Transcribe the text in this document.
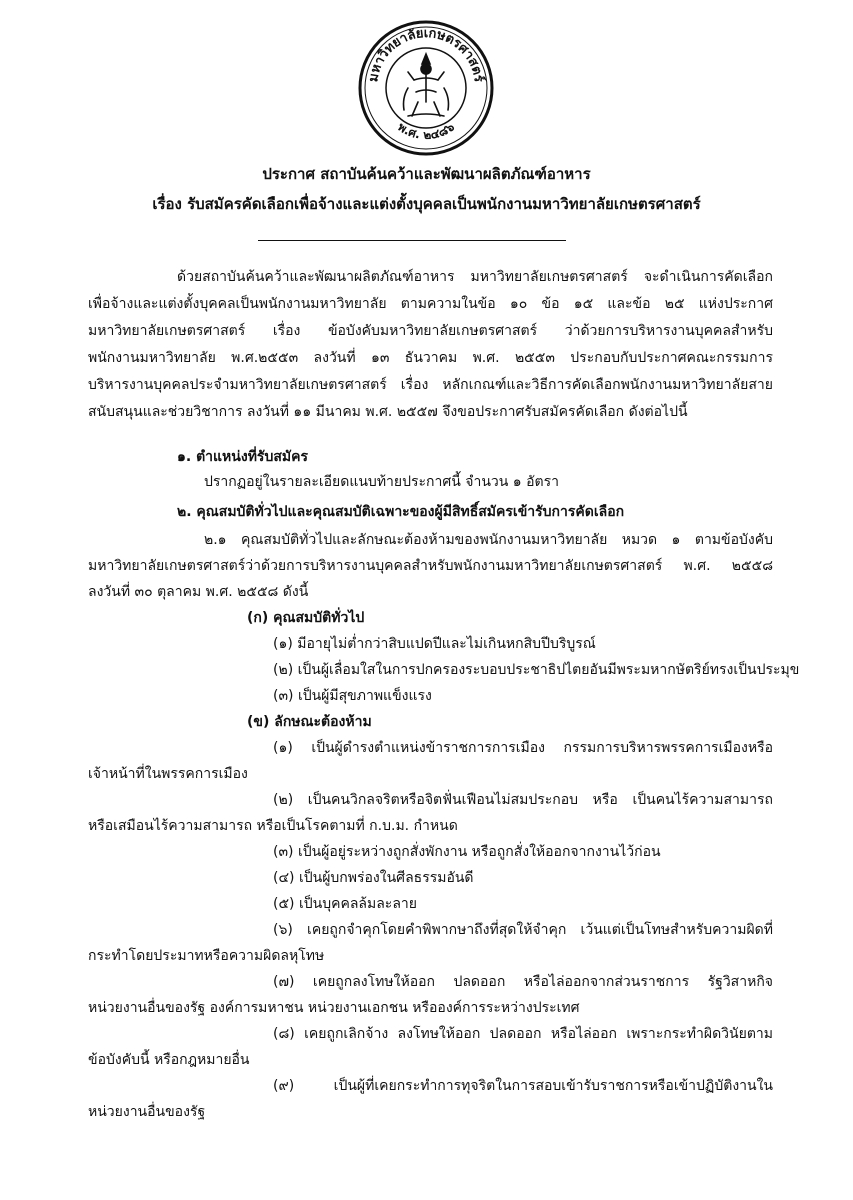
มหาวิทยาลัยเกษตรศาสตร์
พ.ศ. ๒๔๘๖
ประกาศ สถาบันค้นคว้าและพัฒนาผลิตภัณฑ์อาหาร
เรื่อง รับสมัครคัดเลือกเพื่อจ้างและแต่งตั้งบุคคลเป็นพนักงานมหาวิทยาลัยเกษตรศาสตร์
ด้วยสถาบันค้นคว้าและพัฒนาผลิตภัณฑ์อาหาร มหาวิทยาลัยเกษตรศาสตร์ จะดำเนินการคัดเลือก
เพื่อจ้างและแต่งตั้งบุคคลเป็นพนักงานมหาวิทยาลัย ตามความในข้อ ๑๐ ข้อ ๑๕ และข้อ ๒๕ แห่งประกาศ
มหาวิทยาลัยเกษตรศาสตร์ เรื่อง ข้อบังคับมหาวิทยาลัยเกษตรศาสตร์ ว่าด้วยการบริหารงานบุคคลสำหรับ
พนักงานมหาวิทยาลัย พ.ศ.๒๕๕๓ ลงวันที่ ๑๓ ธันวาคม พ.ศ. ๒๕๕๓ ประกอบกับประกาศคณะกรรมการ
บริหารงานบุคคลประจำมหาวิทยาลัยเกษตรศาสตร์ เรื่อง หลักเกณฑ์และวิธีการคัดเลือกพนักงานมหาวิทยาลัยสาย
สนับสนุนและช่วยวิชาการ ลงวันที่ ๑๑ มีนาคม พ.ศ. ๒๕๕๗ จึงขอประกาศรับสมัครคัดเลือก ดังต่อไปนี้
๑. ตำแหน่งที่รับสมัคร
ปรากฏอยู่ในรายละเอียดแนบท้ายประกาศนี้ จำนวน ๑ อัตรา
๒. คุณสมบัติทั่วไปและคุณสมบัติเฉพาะของผู้มีสิทธิ์สมัครเข้ารับการคัดเลือก
๒.๑ คุณสมบัติทั่วไปและลักษณะต้องห้ามของพนักงานมหาวิทยาลัย หมวด ๑ ตามข้อบังคับ
มหาวิทยาลัยเกษตรศาสตร์ว่าด้วยการบริหารงานบุคคลสำหรับพนักงานมหาวิทยาลัยเกษตรศาสตร์ พ.ศ. ๒๕๕๘
ลงวันที่ ๓๐ ตุลาคม พ.ศ. ๒๕๕๘ ดังนี้
(ก) คุณสมบัติทั่วไป
(๑) มีอายุไม่ต่ำกว่าสิบแปดปีและไม่เกินหกสิบปีบริบูรณ์
(๒) เป็นผู้เลื่อมใสในการปกครองระบอบประชาธิปไตยอันมีพระมหากษัตริย์ทรงเป็นประมุข
(๓) เป็นผู้มีสุขภาพแข็งแรง
(ข) ลักษณะต้องห้าม
(๑) เป็นผู้ดำรงตำแหน่งข้าราชการการเมือง กรรมการบริหารพรรคการเมืองหรือ
เจ้าหน้าที่ในพรรคการเมือง
(๒) เป็นคนวิกลจริตหรือจิตฟั่นเฟือนไม่สมประกอบ หรือ เป็นคนไร้ความสามารถ
หรือเสมือนไร้ความสามารถ หรือเป็นโรคตามที่ ก.บ.ม. กำหนด
(๓) เป็นผู้อยู่ระหว่างถูกสั่งพักงาน หรือถูกสั่งให้ออกจากงานไว้ก่อน
(๔) เป็นผู้บกพร่องในศีลธรรมอันดี
(๕) เป็นบุคคลล้มละลาย
(๖) เคยถูกจำคุกโดยคำพิพากษาถึงที่สุดให้จำคุก เว้นแต่เป็นโทษสำหรับความผิดที่
กระทำโดยประมาทหรือความผิดลหุโทษ
(๗) เคยถูกลงโทษให้ออก ปลดออก หรือไล่ออกจากส่วนราชการ รัฐวิสาหกิจ
หน่วยงานอื่นของรัฐ องค์การมหาชน หน่วยงานเอกชน หรือองค์การระหว่างประเทศ
(๘) เคยถูกเลิกจ้าง ลงโทษให้ออก ปลดออก หรือไล่ออก เพราะกระทำผิดวินัยตาม
ข้อบังคับนี้ หรือกฎหมายอื่น
(๙) เป็นผู้ที่เคยกระทำการทุจริตในการสอบเข้ารับราชการหรือเข้าปฏิบัติงานใน
หน่วยงานอื่นของรัฐ
